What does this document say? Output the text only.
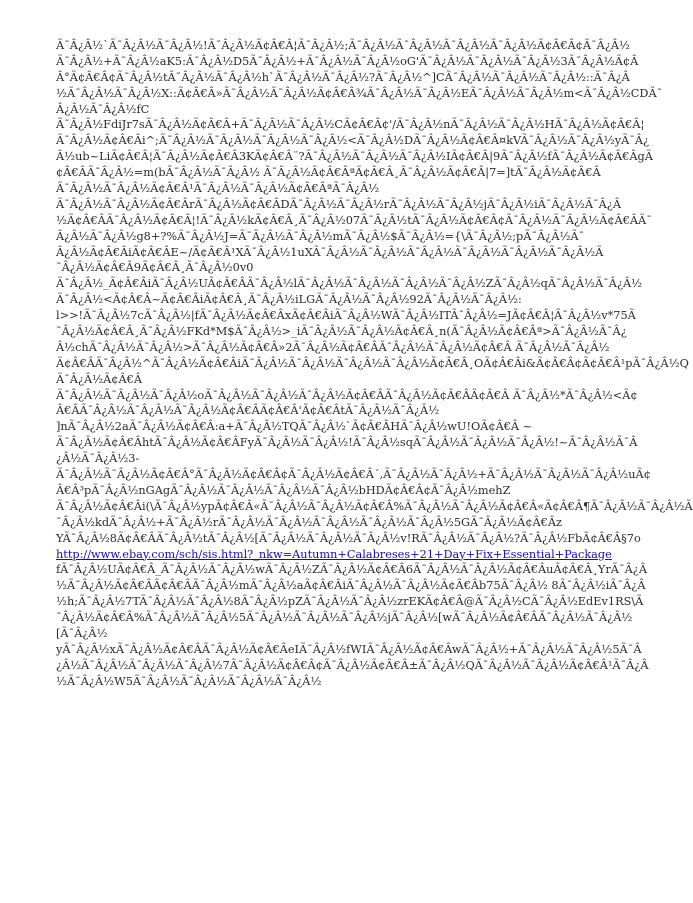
Ã¯Â¿Â½`Ã¯Â¿Â½Ã¯Â¿Â½!Ã¯Â¿Â½Ã¢Â€Â¦Ã¯Â¿Â½;Ã¯Â¿Â½Ã¯Â¿Â½Ã¯Â¿Â½Ã¯Â¿Â½Ã¢Â€Â¢Ã¯Â¿Â½
Ã¯Â¿Â½+Ã¯Â¿Â½aK5:Ã¯Â¿Â½D5Ã¯Â¿Â½+Ã¯Â¿Â½Ã¯Â¿Â½oG'Ã¯Â¿Â½Ã¯Â¿Â½Ã¯Â¿Â½3Ã¯Â¿Â½Ã¢Â
Â°Ã¢Â€Â¢Ã¯Â¿Â½tÃ¯Â¿Â½Ã¯Â¿Â½h`Ã¯Â¿Â½Ã¯Â¿Â½?Ã¯Â¿Â½^]CÃ¯Â¿Â½Ã¯Â¿Â½Ã¯Â¿Â½::Ã¯Â¿Â
½Ã¯Â¿Â½Ã¯Â¿Â½X::Ã¢Â€Â»Ã¯Â¿Â½Ã¯Â¿Â½Ã¢Â€Â¾Ã¯Â¿Â½Ã¯Â¿Â½EÃ¯Â¿Â½Ã¯Â¿Â½m<Ã¯Â¿Â½CDÃ¯
Â¿Â½Ã¯Â¿Â½fC
Ã¯Â¿Â½FdiJr7sÃ¯Â¿Â½Ã¢Â€Â+Ã¯Â¿Â½Ã¯Â¿Â½CÃ¢Â€Â¢'/Ã¯Â¿Â½nÃ¯Â¿Â½Ã¯Â¿Â½HÃ¯Â¿Â½Ã¢Â€Â¦
Ã¯Â¿Â½Ã¢Â€Âi^;Ã¯Â¿Â½Ã¯Â¿Â½Ã¯Â¿Â½Ã¯Â¿Â½<Ã¯Â¿Â½DÃ¯Â¿Â½Ã¢Â€Â¤kVÃ¯Â¿Â½Ã¯Â¿Â½yÃ¯Â¿
Â½ub~LiÃ¢Â€Â¦Ã¯Â¿Â½Ã¢Â€Â3KÃ¢Â€Â¨?Ã¯Â¿Â½Ã¯Â¿Â½Ã¯Â¿Â½IÃ¢Â€Â|9Ã¯Â¿Â½fÃ¯Â¿Â½Ã¢Â€ÂgÃ
¢Â€ÂÃ¯Â¿Â½=m(bÃ¯Â¿Â½Ã¯Â¿Â½ Ã¯Â¿Â½Ã¢Â€ÂªÃ¢Â€Â¸Ã¯Â¿Â½Ã¢Â€Â|7=]tÃ¯Â¿Â½Ã¢Â€Â
Ã¯Â¿Â½Ã¯Â¿Â½Ã¢Â€Â¹Ã¯Â¿Â½Ã¯Â¿Â½Ã¢Â€ÂªÃ¯Â¿Â½
Ã¯Â¿Â½Ã¯Â¿Â½Ã¢Â€ÂrÃ¯Â¿Â½Ã¢Â€ÂDÃ¯Â¿Â½Ã¯Â¿Â½rÃ¯Â¿Â½Ã¯Â¿Â½jÃ¯Â¿Â½iÃ¯Â¿Â½Ã¯Â¿Â
½Ã¢Â€ÂÃ¯Â¿Â½Ã¢Â€Â¦!Ã¯Â¿Â½kÃ¢Â€Â¸Ã¯Â¿Â½07Ã¯Â¿Â½tÃ¯Â¿Â½Ã¢Â€Â¢Ã¯Â¿Â½Ã¯Â¿Â½Ã¢Â€ÂÃ¯
Â¿Â½Ã¯Â¿Â½g8+?%Ã¯Â¿Â½J=Ã¯Â¿Â½Ã¯Â¿Â½mÃ¯Â¿Â½$Ã¯Â¿Â½={\Ã¯Â¿Â½;pÃ¯Â¿Â½Ã¯
Â¿Â½Ã¢Â€ÂiÃ¢Â€ÂE~/Ã¢Â€Â¹XÃ¯Â¿Â½1uXÃ¯Â¿Â½Ã¯Â¿Â½Ã¯Â¿Â½Ã¯Â¿Â½Ã¯Â¿Â½Ã¯Â¿Â½Ã
¯Â¿Â½Ã¢Â€Â9Ã¢Â€Â¸Ã¯Â¿Â½0v0
Ã¯Â¿Â½_Ã¢Â€ÂiÃ¯Â¿Â½UÃ¢Â€ÂÃ¯Â¿Â½lÃ¯Â¿Â½Ã¯Â¿Â½Ã¯Â¿Â½Ã¯Â¿Â½ZÃ¯Â¿Â½qÃ¯Â¿Â½Ã¯Â¿Â½
Ã¯Â¿Â½<Ã¢Â€Â~Ã¢Â€ÂiÃ¢Â€Â¸Ã¯Â¿Â½iLGÃ¯Â¿Â½Ã¯Â¿Â½92Ã¯Â¿Â½Ã¯Â¿Â½:
l>>!Ã¯Â¿Â½7cÃ¯Â¿Â½|fÃ¯Â¿Â½Ã¢Â€ÂxÃ¢Â€ÂiÃ¯Â¿Â½WÃ¯Â¿Â½ITÃ¯Â¿Â½=JÃ¢Â€Â¦Ã¯Â¿Â½v*75Ã
¯Â¿Â½Ã¢Â€Â¸Ã¯Â¿Â½FKd*M$Ã¯Â¿Â½>_iÃ¯Â¿Â½Ã¯Â¿Â½Ã¢Â€Â¸n(Ã¯Â¿Â½Ã¢Â€Âª>Ã¯Â¿Â½Ã¯Â¿
Â½chÃ¯Â¿Â½Ã¯Â¿Â½>Ã¯Â¿Â½Ã¢Â€Â»2Ã¯Â¿Â½Ã¢Â€ÂÃ¯Â¿Â½Ã¯Â¿Â½Ã¢Â€Â Ã¯Â¿Â½Ã¯Â¿Â½
Ã¢Â€ÂÃ¯Â¿Â½^Ã¯Â¿Â½Ã¢Â€ÂiÃ¯Â¿Â½Ã¯Â¿Â½Ã¯Â¿Â½Ã¯Â¿Â½Ã¢Â€Â¸OÃ¢Â€Âi&Ã¢Â€Â¢Ã¢Â€Â¹pÃ¯Â¿Â½Q
Ã¯Â¿Â½Ã¢Â€Â
Ã¯Â¿Â½Ã¯Â¿Â½Ã¯Â¿Â½oÃ¯Â¿Â½Ã¯Â¿Â½Ã¯Â¿Â½Ã¢Â€ÂÃ¯Â¿Â½Ã¢Â€ÂÃ¢Â€Â Ã¯Â¿Â½*Ã¯Â¿Â½<Ã¢
Â€ÂÃ¯Â¿Â½Ã¯Â¿Â½Ã¯Â¿Â½Ã¢Â€ÂÃ¢Â€Â'Ã¢Â€ÂtÃ¯Â¿Â½Ã¯Â¿Â½
]nÃ¯Â¿Â½2aÃ¯Â¿Â½Ã¢Â€Â:a+Ã¯Â¿Â½TQÃ¯Â¿Â½`Ã¢Â€ÂHÃ¯Â¿Â½wU!OÃ¢Â€Â ~
Ã¯Â¿Â½Ã¢Â€ÂhtÃ¯Â¿Â½Ã¢Â€ÂFyÃ¯Â¿Â½Ã¯Â¿Â½!Ã¯Â¿Â½sqÃ¯Â¿Â½Ã¯Â¿Â½Ã¯Â¿Â½!~Ã¯Â¿Â½Ã¯Â
¿Â½Ã¯Â¿Â½3-
Ã¯Â¿Â½Ã¯Â¿Â½Ã¢Â€Â°Ã¯Â¿Â½Ã¢Â€Â¢Ã¯Â¿Â½Ã¢Â€Â´,Ã¯Â¿Â½Ã¯Â¿Â½+Ã¯Â¿Â½Ã¯Â¿Â½Ã¯Â¿Â½uÃ¢
Â€Â³pÃ¯Â¿Â½nGAgÃ¯Â¿Â½Ã¯Â¿Â½Ã¯Â¿Â½Ã¯Â¿Â½bHDÃ¢Â€Â¢Ã¯Â¿Â½mehZ
Ã¯Â¿Â½Ã¢Â€Âi(\Ã¯Â¿Â½ypÃ¢Â€Â«Ã¯Â¿Â½Ã¯Â¿Â½Ã¢Â€Â%Ã¯Â¿Â½Ã¯Â¿Â½Ã¢Â€Â«Ã¢Â€Â¶Ã¯Â¿Â½Ã¯Â¿Â½Ã
¯Â¿Â½kdÃ¯Â¿Â½+Ã¯Â¿Â½rÃ¯Â¿Â½Ã¯Â¿Â½Ã¯Â¿Â½Ã¯Â¿Â½Ã¯Â¿Â½5GÃ¯Â¿Â½Ã¢Â€Âz
YÃ¯Â¿Â½8Ã¢Â€ÂÃ¯Â¿Â½tÃ¯Â¿Â½[Ã¯Â¿Â½Ã¯Â¿Â½Ã¯Â¿Â½v!RÃ¯Â¿Â½Ã¯Â¿Â½?Ã¯Â¿Â½FbÃ¢Â€Â§7o
http://www.ebay.com/sch/sis.html?_nkw=Autumn+Calabreses+21+Day+Fix+Essential+Package
fÃ¯Â¿Â½UÃ¢Â€Â_Ã¯Â¿Â½Ã¯Â¿Â½wÃ¯Â¿Â½ZÃ¯Â¿Â½Ã¢Â€Â6Ã¯Â¿Â½Ã¯Â¿Â½Ã¢Â€ÂuÃ¢Â€Â¸YrÃ¯Â¿Â
½Ã¯Â¿Â½Ã¢Â€ÂÃ¢Â€ÂÃ¯Â¿Â½mÃ¯Â¿Â½aÃ¢Â€ÂiÃ¯Â¿Â½Ã¯Â¿Â½Ã¢Â€Âb75Ã¯Â¿Â½ 8Ã¯Â¿Â½iÃ¯Â¿Â
½h;Ã¯Â¿Â½7TÃ¯Â¿Â½Ã¯Â¿Â½8Ã¯Â¿Â½pZÃ¯Â¿Â½Ã¯Â¿Â½zrEKÃ¢Â€Â@Ã¯Â¿Â½CÃ¯Â¿Â½EdEv1RS\Ã
¯Â¿Â½Ã¢Â€Â%Ã¯Â¿Â½Ã¯Â¿Â½5Ã¯Â¿Â½Ã¯Â¿Â½Ã¯Â¿Â½jÃ¯Â¿Â½[wÃ¯Â¿Â½Ã¢Â€ÂÃ¯Â¿Â½Ã¯Â¿Â½
[Ã¯Â¿Â½
yÃ¯Â¿Â½xÃ¯Â¿Â½Ã¢Â€ÂÃ¯Â¿Â½Ã¢Â€ÂeIÃ¯Â¿Â½fWIÃ¯Â¿Â½Ã¢Â€ÂwÃ¯Â¿Â½+Ã¯Â¿Â½Ã¯Â¿Â½5Ã¯Â
¿Â½Ã¯Â¿Â½Ã¯Â¿Â½Ã¯Â¿Â½7Ã¯Â¿Â½Ã¢Â€Â¢Ã¯Â¿Â½Ã¢Â€Â±Ã¯Â¿Â½QÃ¯Â¿Â½Ã¯Â¿Â½Ã¢Â€Â¹Ã¯Â¿Â
½Ã¯Â¿Â½W5Ã¯Â¿Â½Ã¯Â¿Â½Ã¯Â¿Â½Ã¯Â¿Â½
